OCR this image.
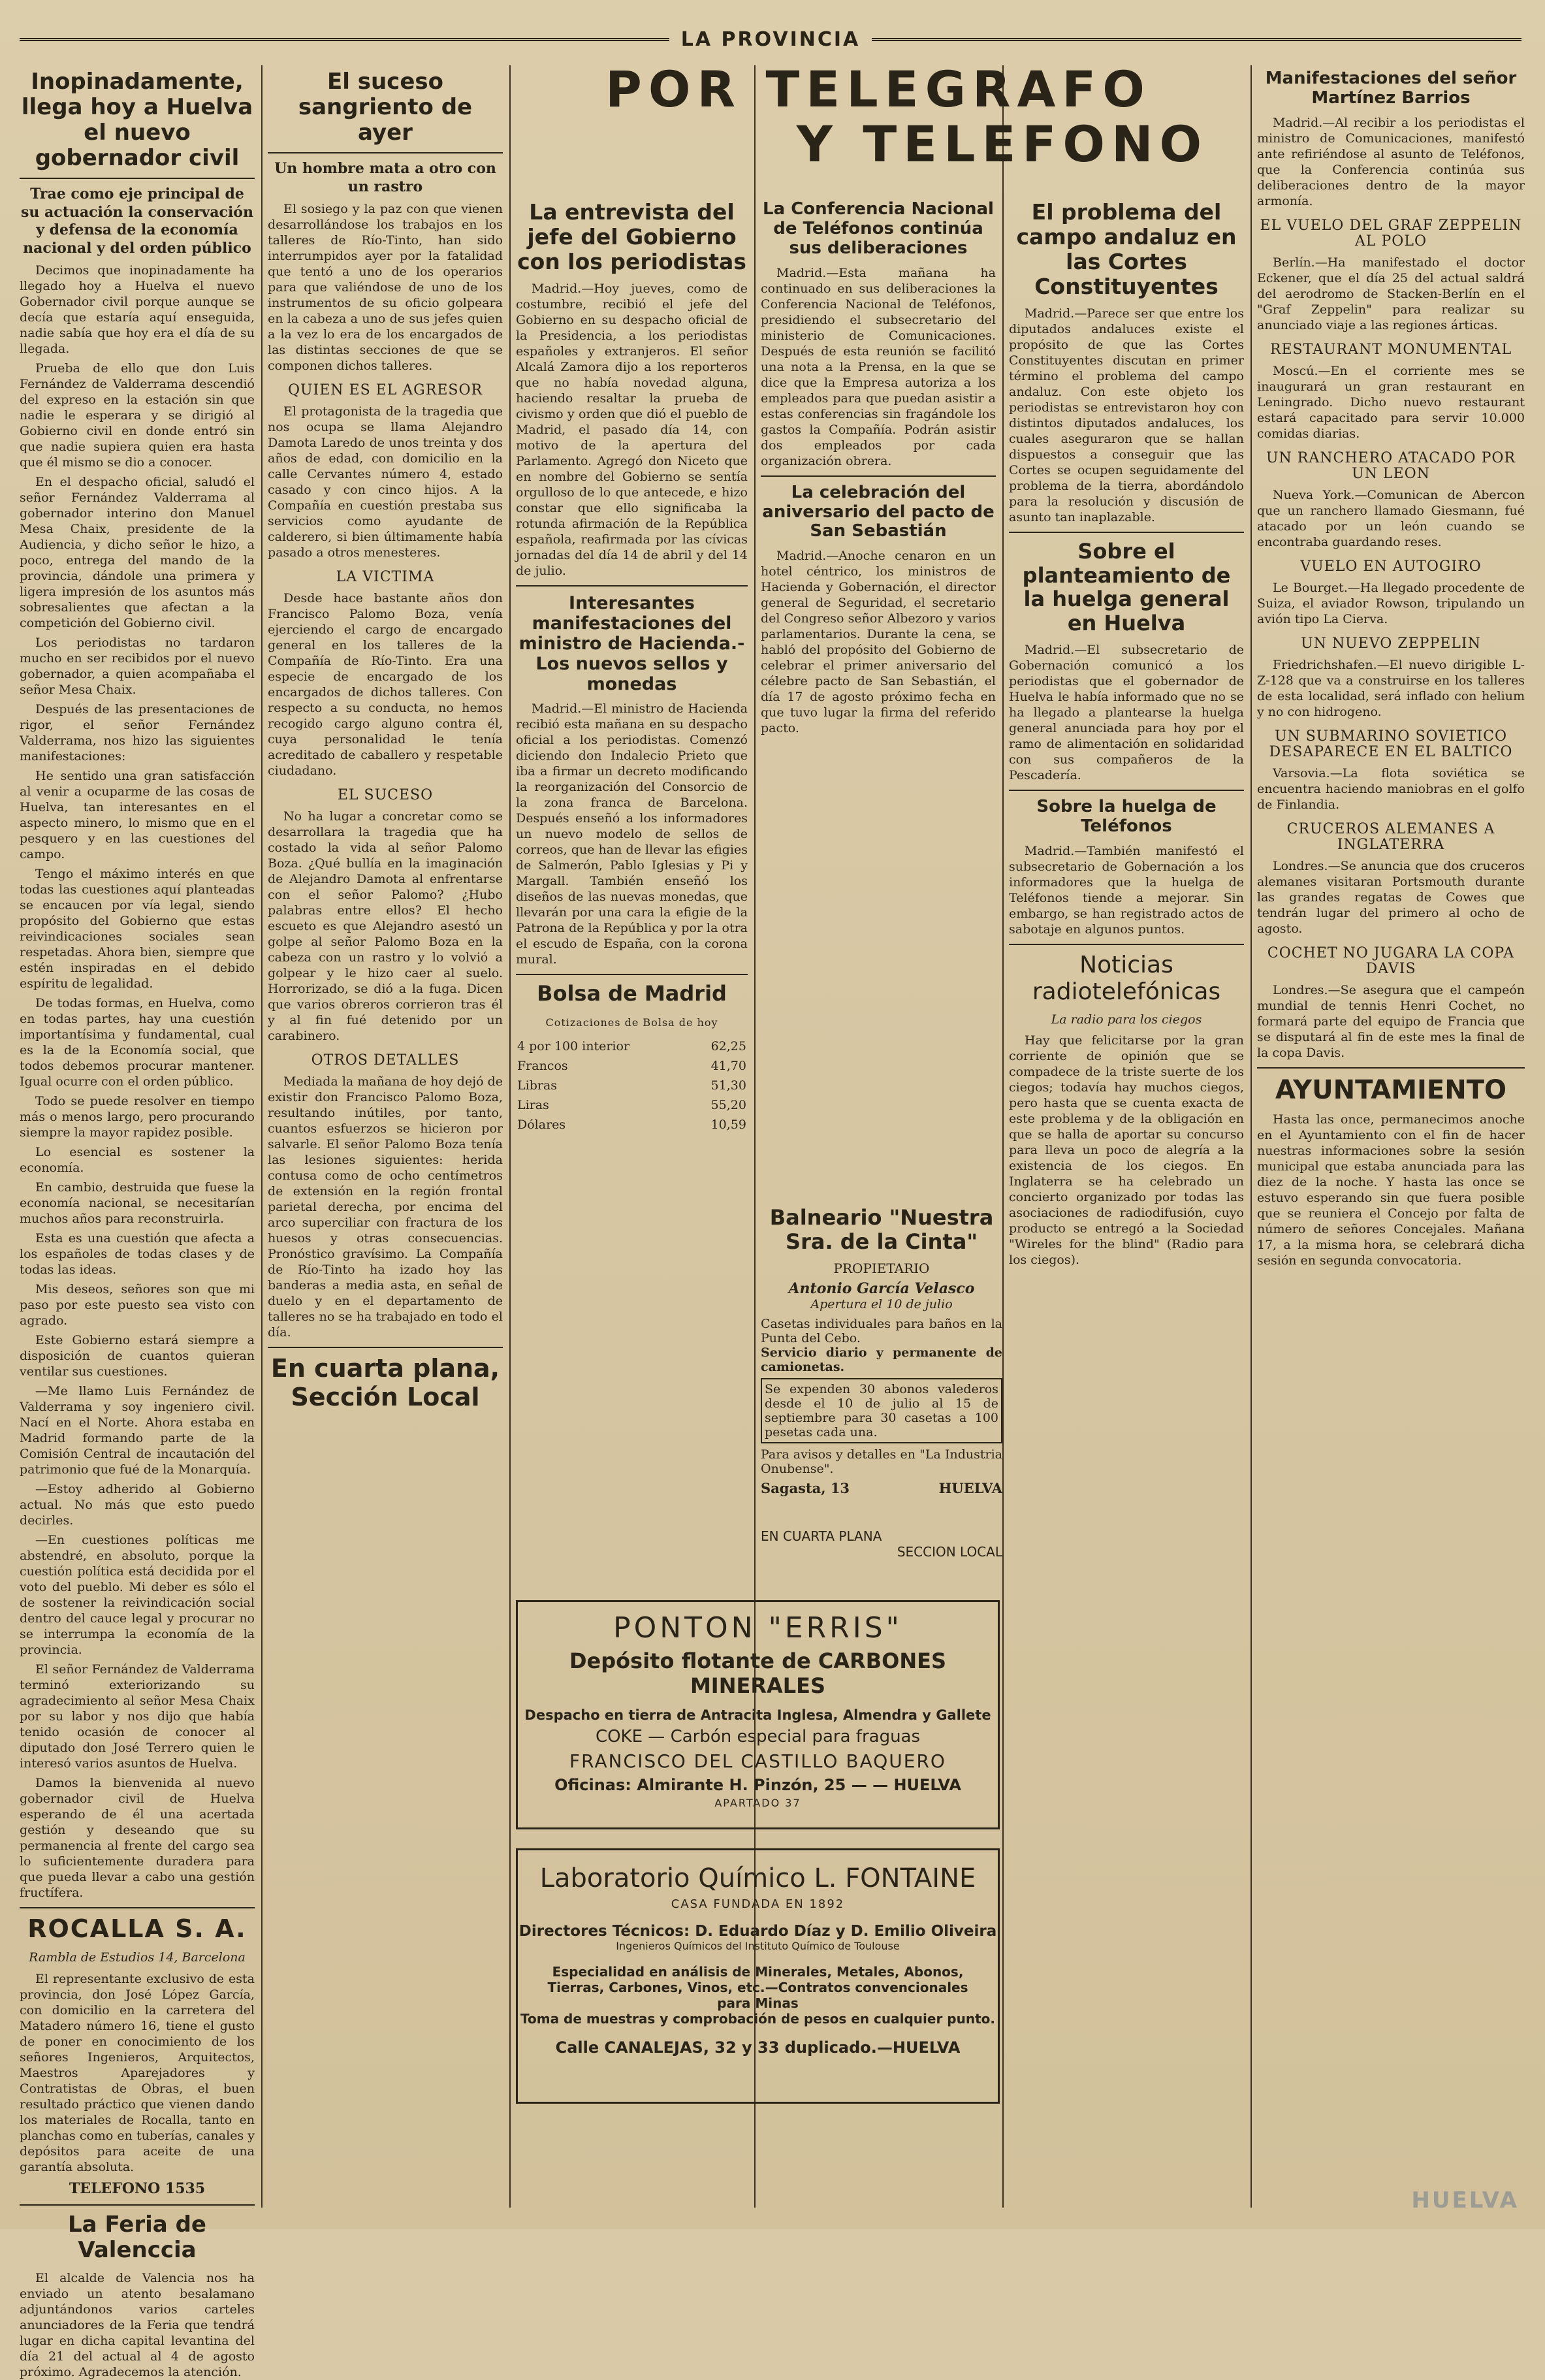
LA PROVINCIA
Inopinadamente, llega hoy a Huelva el nuevo gobernador civil
Trae como eje principal de su actuación la conservación y defensa de la economía nacional y del orden público

Decimos que inopinadamente ha llegado hoy a Huelva el nuevo Gobernador civil porque aunque se decía que estaría aquí enseguida, nadie sabía que hoy era el día de su llegada.

Prueba de ello que don Luis Fernández de Valderrama descendió del expreso en la estación sin que nadie le esperara y se dirigió al Gobierno civil en donde entró sin que nadie supiera quien era hasta que él mismo se dio a conocer.

En el despacho oficial, saludó el señor Fernández Valderrama al gobernador interino don Manuel Mesa Chaix, presidente de la Audiencia, y dicho señor le hizo, a poco, entrega del mando de la provincia, dándole una primera y ligera impresión de los asuntos más sobresalientes que afectan a la competición del Gobierno civil.

Los periodistas no tardaron mucho en ser recibidos por el nuevo gobernador, a quien acompañaba el señor Mesa Chaix.

Después de las presentaciones de rigor, el señor Fernández Valderrama, nos hizo las siguientes manifestaciones:

He sentido una gran satisfacción al venir a ocuparme de las cosas de Huelva, tan interesantes en el aspecto minero, lo mismo que en el pesquero y en las cuestiones del campo.

Tengo el máximo interés en que todas las cuestiones aquí planteadas se encaucen por vía legal, siendo propósito del Gobierno que estas reivindicaciones sociales sean respetadas. Ahora bien, siempre que estén inspiradas en el debido espíritu de legalidad.

De todas formas, en Huelva, como en todas partes, hay una cuestión importantísima y fundamental, cual es la de la Economía social, que todos debemos procurar mantener. Igual ocurre con el orden público.

Todo se puede resolver en tiempo más o menos largo, pero procurando siempre la mayor rapidez posible.

Lo esencial es sostener la economía.

En cambio, destruida que fuese la economía nacional, se necesitarían muchos años para reconstruirla.

Esta es una cuestión que afecta a los españoles de todas clases y de todas las ideas.

Mis deseos, señores son que mi paso por este puesto sea visto con agrado.

Este Gobierno estará siempre a disposición de cuantos quieran ventilar sus cuestiones.

—Me llamo Luis Fernández de Valderrama y soy ingeniero civil. Nací en el Norte. Ahora estaba en Madrid formando parte de la Comisión Central de incautación del patrimonio que fué de la Monarquía.

—Estoy adherido al Gobierno actual. No más que esto puedo decirles.

—En cuestiones políticas me abstendré, en absoluto, porque la cuestión política está decidida por el voto del pueblo. Mi deber es sólo el de sostener la reivindicación social dentro del cauce legal y procurar no se interrumpa la economía de la provincia.

El señor Fernández de Valderrama terminó exteriorizando su agradecimiento al señor Mesa Chaix por su labor y nos dijo que había tenido ocasión de conocer al diputado don José Terrero quien le interesó varios asuntos de Huelva.

Damos la bienvenida al nuevo gobernador civil de Huelva esperando de él una acertada gestión y deseando que su permanencia al frente del cargo sea lo suficientemente duradera para que pueda llevar a cabo una gestión fructífera.

ROCALLA S. A.
Rambla de Estudios 14, Barcelona

El representante exclusivo de esta provincia, don José López García, con domicilio en la carretera del Matadero número 16, tiene el gusto de poner en conocimiento de los señores Ingenieros, Arquitectos, Maestros Aparejadores y Contratistas de Obras, el buen resultado práctico que vienen dando los materiales de Rocalla, tanto en planchas como en tuberías, canales y depósitos para aceite de una garantía absoluta.

TELEFONO 1535
La Feria de Valenccia

El alcalde de Valencia nos ha enviado un atento besalamano adjuntándonos varios carteles anunciadores de la Feria que tendrá lugar en dicha capital levantina del día 21 del actual al 4 de agosto próximo. Agradecemos la atención.

El suceso sangriento de ayer
Un hombre mata a otro con un rastro

El sosiego y la paz con que vienen desarrollándose los trabajos en los talleres de Río-Tinto, han sido interrumpidos ayer por la fatalidad que tentó a uno de los operarios para que valiéndose de uno de los instrumentos de su oficio golpeara en la cabeza a uno de sus jefes quien a la vez lo era de los encargados de las distintas secciones de que se componen dichos talleres.

QUIEN ES EL AGRESOR

El protagonista de la tragedia que nos ocupa se llama Alejandro Damota Laredo de unos treinta y dos años de edad, con domicilio en la calle Cervantes número 4, estado casado y con cinco hijos. A la Compañía en cuestión prestaba sus servicios como ayudante de calderero, si bien últimamente había pasado a otros menesteres.

LA VICTIMA

Desde hace bastante años don Francisco Palomo Boza, venía ejerciendo el cargo de encargado general en los talleres de la Compañía de Río-Tinto. Era una especie de encargado de los encargados de dichos talleres. Con respecto a su conducta, no hemos recogido cargo alguno contra él, cuya personalidad le tenía acreditado de caballero y respetable ciudadano.

EL SUCESO

No ha lugar a concretar como se desarrollara la tragedia que ha costado la vida al señor Palomo Boza. ¿Qué bullía en la imaginación de Alejandro Damota al enfrentarse con el señor Palomo? ¿Hubo palabras entre ellos? El hecho escueto es que Alejandro asestó un golpe al señor Palomo Boza en la cabeza con un rastro y lo volvió a golpear y le hizo caer al suelo. Horrorizado, se dió a la fuga. Dicen que varios obreros corrieron tras él y al fin fué detenido por un carabinero.

OTROS DETALLES

Mediada la mañana de hoy dejó de existir don Francisco Palomo Boza, resultando inútiles, por tanto, cuantos esfuerzos se hicieron por salvarle. El señor Palomo Boza tenía las lesiones siguientes: herida contusa como de ocho centímetros de extensión en la región frontal parietal derecha, por encima del arco superciliar con fractura de los huesos y otras consecuencias. Pronóstico gravísimo. La Compañía de Río-Tinto ha izado hoy las banderas a media asta, en señal de duelo y en el departamento de talleres no se ha trabajado en todo el día.

En cuarta plana, Sección Local
POR TELEGRAFO
Y TELEFONO
La entrevista del jefe del Gobierno con los periodistas

Madrid.—Hoy jueves, como de costumbre, recibió el jefe del Gobierno en su despacho oficial de la Presidencia, a los periodistas españoles y extranjeros. El señor Alcalá Zamora dijo a los reporteros que no había novedad alguna, haciendo resaltar la prueba de civismo y orden que dió el pueblo de Madrid, el pasado día 14, con motivo de la apertura del Parlamento. Agregó don Niceto que en nombre del Gobierno se sentía orgulloso de lo que antecede, e hizo constar que ello significaba la rotunda afirmación de la República española, reafirmada por las cívicas jornadas del día 14 de abril y del 14 de julio.

Interesantes manifestaciones del ministro de Hacienda.-Los nuevos sellos y monedas

Madrid.—El ministro de Hacienda recibió esta mañana en su despacho oficial a los periodistas. Comenzó diciendo don Indalecio Prieto que iba a firmar un decreto modificando la reorganización del Consorcio de la zona franca de Barcelona. Después enseñó a los informadores un nuevo modelo de sellos de correos, que han de llevar las efigies de Salmerón, Pablo Iglesias y Pi y Margall. También enseñó los diseños de las nuevas monedas, que llevarán por una cara la efigie de la Patrona de la República y por la otra el escudo de España, con la corona mural.

Bolsa de Madrid
Cotizaciones de Bolsa de hoy
4 por 100 interior	62,25
Francos	41,70
Libras	51,30
Liras	55,20
Dólares	10,59
La Conferencia Nacional de Teléfonos continúa sus deliberaciones

Madrid.—Esta mañana ha continuado en sus deliberaciones la Conferencia Nacional de Teléfonos, presidiendo el subsecretario del ministerio de Comunicaciones. Después de esta reunión se facilitó una nota a la Prensa, en la que se dice que la Empresa autoriza a los empleados para que puedan asistir a estas conferencias sin fragándole los gastos la Compañía. Podrán asistir dos empleados por cada organización obrera.

La celebración del aniversario del pacto de San Sebastián

Madrid.—Anoche cenaron en un hotel céntrico, los ministros de Hacienda y Gobernación, el director general de Seguridad, el secretario del Congreso señor Albezoro y varios parlamentarios. Durante la cena, se habló del propósito del Gobierno de celebrar el primer aniversario del célebre pacto de San Sebastián, el día 17 de agosto próximo fecha en que tuvo lugar la firma del referido pacto.

Balneario "Nuestra Sra. de la Cinta"
PROPIETARIO
Antonio García Velasco
Apertura el 10 de julio
Casetas individuales para baños en la Punta del Cebo.
Servicio diario y permanente de camionetas.
Se expenden 30 abonos valederos desde el 10 de julio al 15 de septiembre para 30 casetas a 100 pesetas cada una.
Para avisos y detalles en "La Industria Onubense".
Sagasta, 13	HUELVA
EN CUARTA PLANA
SECCION LOCAL
El problema del campo andaluz en las Cortes Constituyentes

Madrid.—Parece ser que entre los diputados andaluces existe el propósito de que las Cortes Constituyentes discutan en primer término el problema del campo andaluz. Con este objeto los periodistas se entrevistaron hoy con distintos diputados andaluces, los cuales aseguraron que se hallan dispuestos a conseguir que las Cortes se ocupen seguidamente del problema de la tierra, abordándolo para la resolución y discusión de asunto tan inaplazable.

Sobre el planteamiento de la huelga general en Huelva

Madrid.—El subsecretario de Gobernación comunicó a los periodistas que el gobernador de Huelva le había informado que no se ha llegado a plantearse la huelga general anunciada para hoy por el ramo de alimentación en solidaridad con sus compañeros de la Pescadería.

Sobre la huelga de Teléfonos

Madrid.—También manifestó el subsecretario de Gobernación a los informadores que la huelga de Teléfonos tiende a mejorar. Sin embargo, se han registrado actos de sabotaje en algunos puntos.

Noticias radiotelefónicas
La radio para los ciegos

Hay que felicitarse por la gran corriente de opinión que se compadece de la triste suerte de los ciegos; todavía hay muchos ciegos, pero hasta que se cuenta exacta de este problema y de la obligación en que se halla de aportar su concurso para lleva un poco de alegría a la existencia de los ciegos. En Inglaterra se ha celebrado un concierto organizado por todas las asociaciones de radiodifusión, cuyo producto se entregó a la Sociedad "Wireles for the blind" (Radio para los ciegos).

PONTON "ERRIS"
Depósito flotante de CARBONES MINERALES
Despacho en tierra de Antracita Inglesa, Almendra y Gallete
COKE — Carbón especial para fraguas
FRANCISCO DEL CASTILLO BAQUERO
Oficinas: Almirante H. Pinzón, 25 — — HUELVA
APARTADO 37
Laboratorio Químico L. FONTAINE
CASA FUNDADA EN 1892
Directores Técnicos: D. Eduardo Díaz y D. Emilio Oliveira
Ingenieros Químicos del Instituto Químico de Toulouse
Especialidad en análisis de Minerales, Metales, Abonos, Tierras, Carbones, Vinos, etc.—Contratos convencionales para Minas
Toma de muestras y comprobación de pesos en cualquier punto.
Calle CANALEJAS, 32 y 33 duplicado.—HUELVA
Manifestaciones del señor Martínez Barrios

Madrid.—Al recibir a los periodistas el ministro de Comunicaciones, manifestó ante refiriéndose al asunto de Teléfonos, que la Conferencia continúa sus deliberaciones dentro de la mayor armonía.

EL VUELO DEL GRAF ZEPPELIN AL POLO

Berlín.—Ha manifestado el doctor Eckener, que el día 25 del actual saldrá del aerodromo de Stacken-Berlín en el "Graf Zeppelin" para realizar su anunciado viaje a las regiones árticas.

RESTAURANT MONUMENTAL

Moscú.—En el corriente mes se inaugurará un gran restaurant en Leningrado. Dicho nuevo restaurant estará capacitado para servir 10.000 comidas diarias.

UN RANCHERO ATACADO POR UN LEON

Nueva York.—Comunican de Abercon que un ranchero llamado Giesmann, fué atacado por un león cuando se encontraba guardando reses.

VUELO EN AUTOGIRO

Le Bourget.—Ha llegado procedente de Suiza, el aviador Rowson, tripulando un avión tipo La Cierva.

UN NUEVO ZEPPELIN

Friedrichshafen.—El nuevo dirigible L-Z-128 que va a construirse en los talleres de esta localidad, será inflado con helium y no con hidrogeno.

UN SUBMARINO SOVIETICO DESAPARECE EN EL BALTICO

Varsovia.—La flota soviética se encuentra haciendo maniobras en el golfo de Finlandia.

CRUCEROS ALEMANES A INGLATERRA

Londres.—Se anuncia que dos cruceros alemanes visitaran Portsmouth durante las grandes regatas de Cowes que tendrán lugar del primero al ocho de agosto.

COCHET NO JUGARA LA COPA DAVIS

Londres.—Se asegura que el campeón mundial de tennis Henri Cochet, no formará parte del equipo de Francia que se disputará al fin de este mes la final de la copa Davis.

AYUNTAMIENTO

Hasta las once, permanecimos anoche en el Ayuntamiento con el fin de hacer nuestras informaciones sobre la sesión municipal que estaba anunciada para las diez de la noche. Y hasta las once se estuvo esperando sin que fuera posible que se reuniera el Concejo por falta de número de señores Concejales. Mañana 17, a la misma hora, se celebrará dicha sesión en segunda convocatoria.

HUELVA
